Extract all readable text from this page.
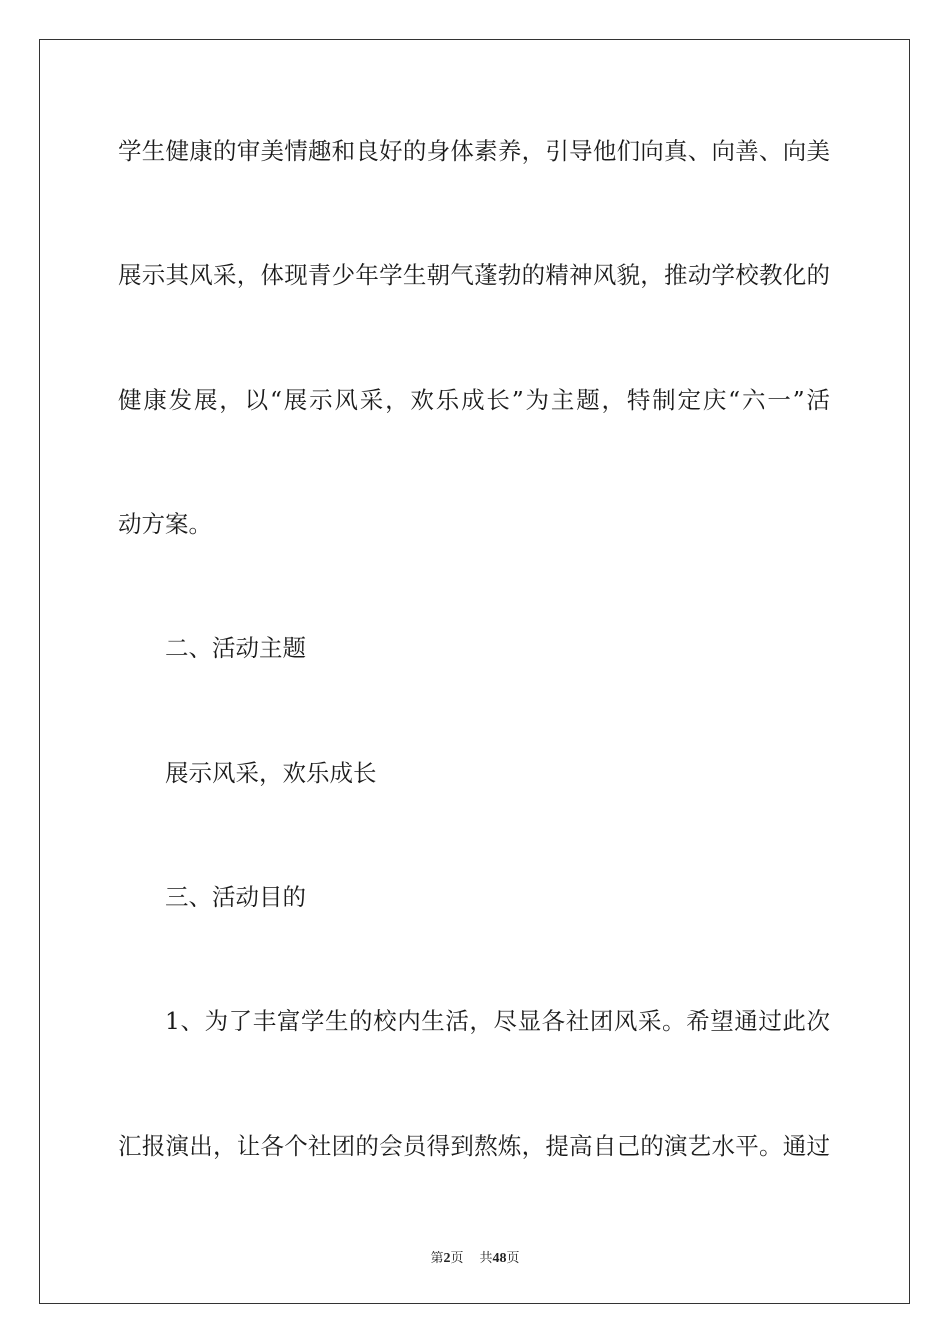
学生健康的审美情趣和良好的身体素养，引导他们向真、向善、向美
展示其风采，体现青少年学生朝气蓬勃的精神风貌，推动学校教化的
健康发展，以“展示风采，欢乐成长”为主题，特制定庆“六一”活
动方案。
二、活动主题
展示风采，欢乐成长
三、活动目的
1、为了丰富学生的校内生活，尽显各社团风采。希望通过此次
汇报演出，让各个社团的会员得到熬炼，提高自己的演艺水平。通过
第2页 共48页
